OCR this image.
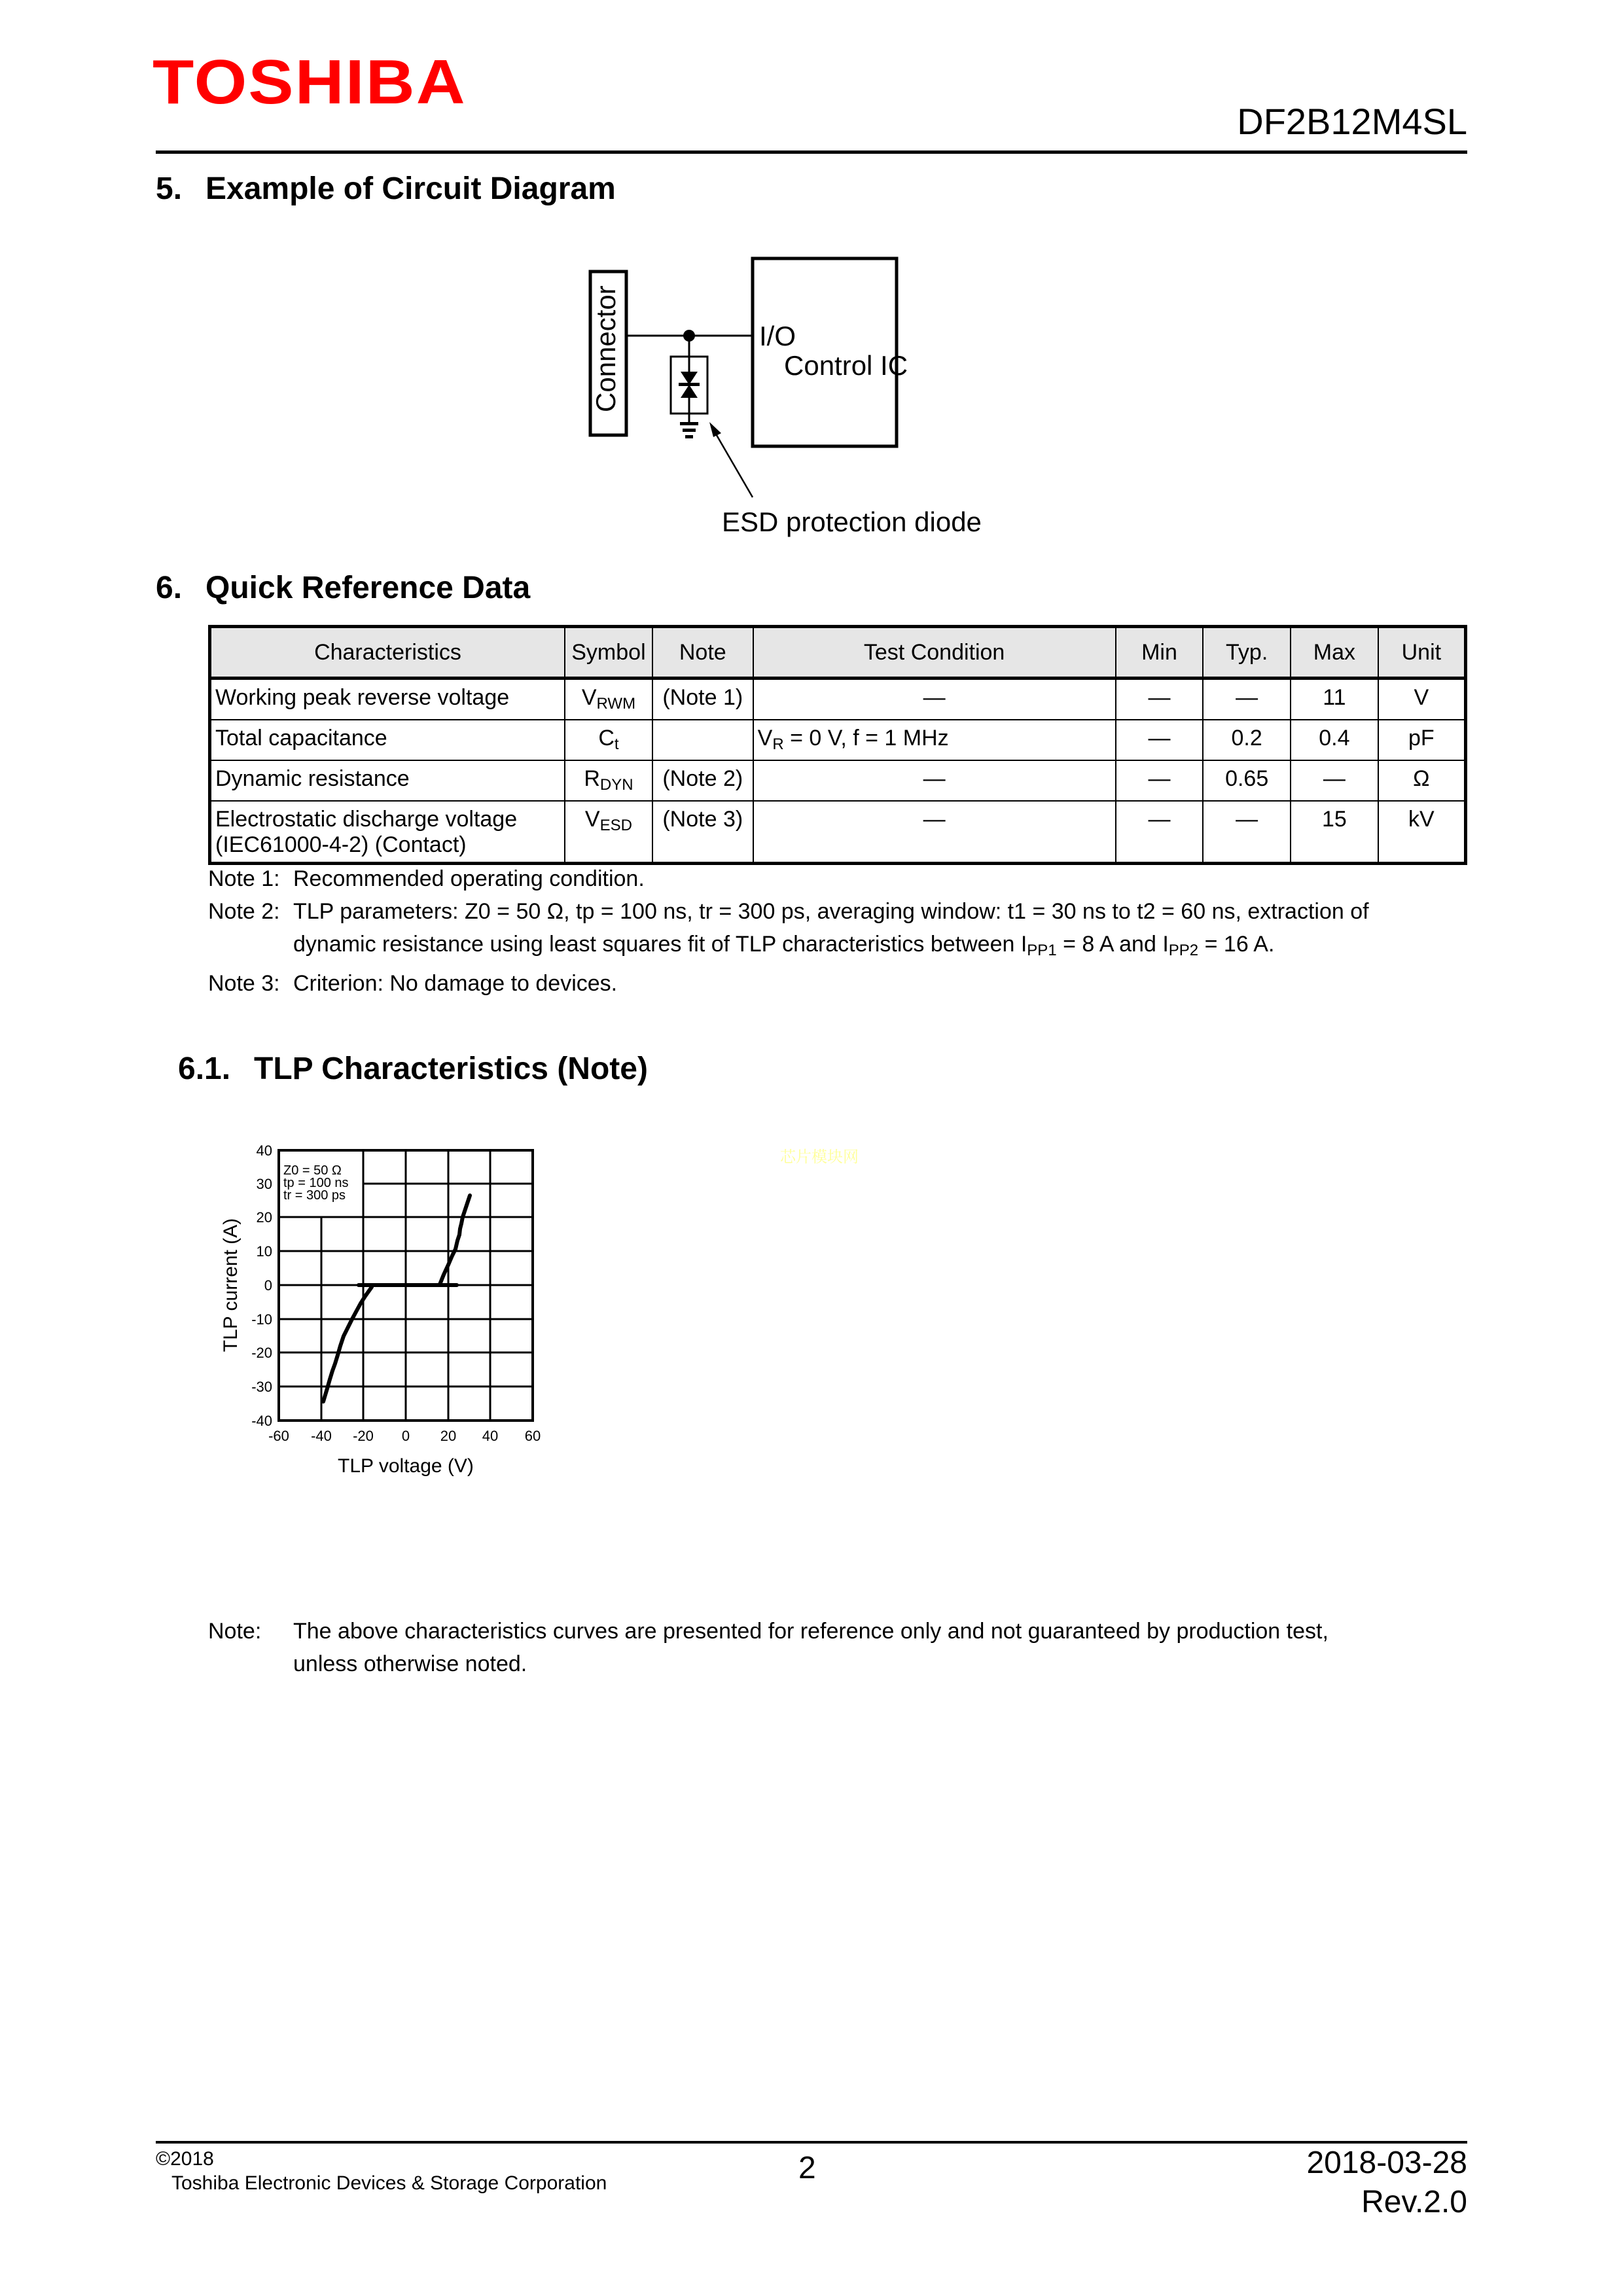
TOSHIBA
DF2B12M4SL
5. Example of Circuit Diagram
Connector	I/O
Control IC
ESD protection diode
6. Quick Reference Data
Characteristics	Symbol	Note	Test Condition	Min	Typ.	Max	Unit
Working peak reverse voltage	$V_{RWM}$	(Note 1)	—	—	—	11	V
Total capacitance	$C_t$		$V_R = 0$ V, f = 1 MHz	—	0.2	0.4	pF
Dynamic resistance	$R_{DYN}$	(Note 2)	—	—	0.65	—	Ω

Electrostatic discharge voltage
(IEC61000-4-2) (Contact)	$V_{ESD}$	(Note 3)	—	—	—	15	kV
Note 1: Recommended operating condition.
Note 2: TLP parameters: Z0 = 50 Ω, tp = 100 ns, tr = 300 ps, averaging window: t1 = 30 ns to t2 = 60 ns, extraction of
dynamic resistance using least squares fit of TLP characteristics between $I_{PP1} = 8$ A and $I_{PP2} = 16$ A.
Note 3: Criterion: No damage to devices.
6.1. TLP Characteristics (Note)
芯片模块网
Z0 = 50 Ω
tp = 100 ns
tr = 300 ps
40
30
20
10
0
-10
-20
-30
-40
-60 -40 -20 0 20 40 60
TLP voltage (V)
TLP current (A)
Note: The above characteristics curves are presented for reference only and not guaranteed by production test,
unless otherwise noted.
©2018
Toshiba Electronic Devices & Storage Corporation	2	2018-03-28
Rev.2.0
